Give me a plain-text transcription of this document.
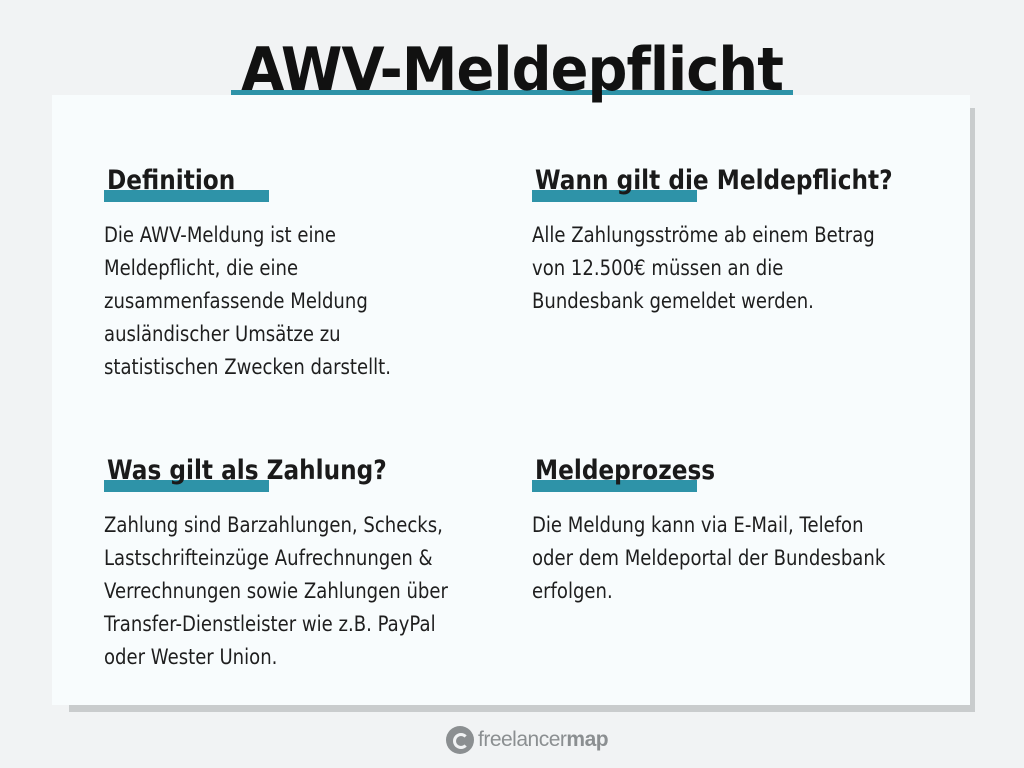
AWV-Meldepflicht
Definition
Die AWV-Meldung ist eine
Meldepflicht, die eine
zusammenfassende Meldung
ausländischer Umsätze zu
statistischen Zwecken darstellt.
Wann gilt die Meldepflicht?
Alle Zahlungsströme ab einem Betrag
von 12.500€ müssen an die
Bundesbank gemeldet werden.
Was gilt als Zahlung?
Zahlung sind Barzahlungen, Schecks,
Lastschrifteinzüge Aufrechnungen &
Verrechnungen sowie Zahlungen über
Transfer-Dienstleister wie z.B. PayPal
oder Wester Union.
Meldeprozess
Die Meldung kann via E-Mail, Telefon
oder dem Meldeportal der Bundesbank
erfolgen.
freelancermap
